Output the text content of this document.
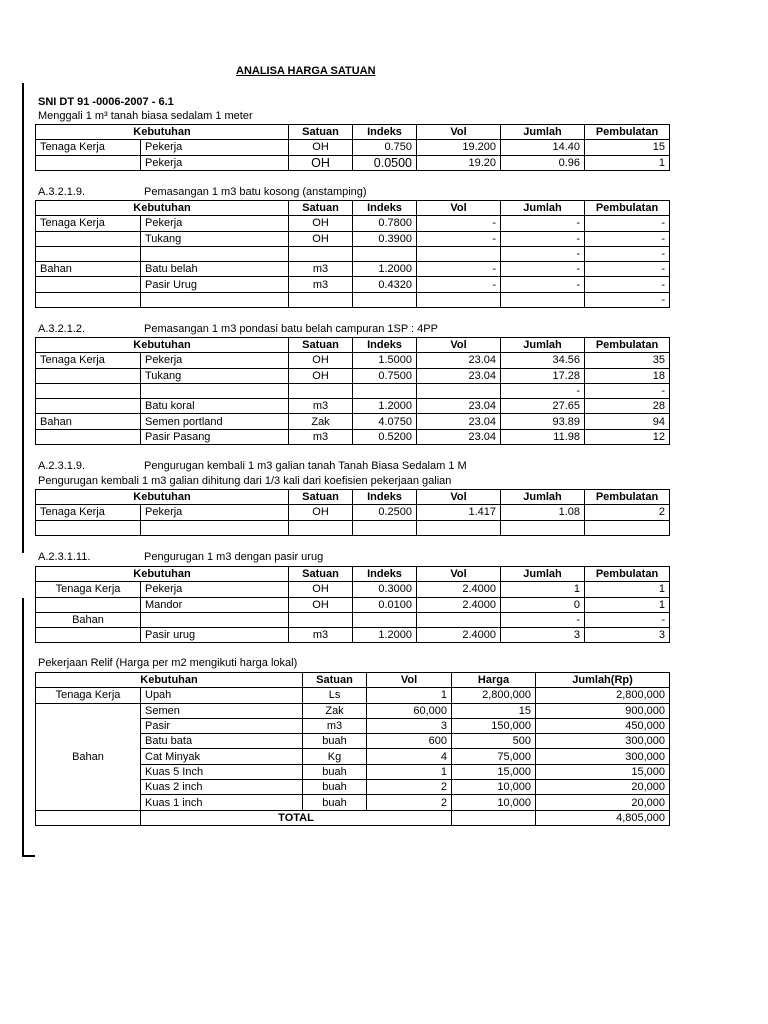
ANALISA HARGA SATUAN

SNI DT 91 -0006-2007 - 6.1

Menggali 1 m³ tanah biasa sedalam 1 meter

Kebutuhan		Satuan	Indeks	Vol	Jumlah	Pembulatan
Tenaga Kerja	Pekerja	OH	0.750	19.200	14.40	15
	Pekerja	OH	0.0500	19.20	0.96	1

A.3.2.1.9.	Pemasangan 1 m3 batu kosong (anstamping)

Kebutuhan		Satuan	Indeks	Vol	Jumlah	Pembulatan
Tenaga Kerja	Pekerja	OH	0.7800	-	-	-
	Tukang	OH	0.3900	-	-	-
					-	-
Bahan	Batu belah	m3	1.2000	-	-	-
	Pasir Urug	m3	0.4320	-	-	-
						-

A.3.2.1.2.	Pemasangan 1 m3 pondasi batu belah campuran 1SP : 4PP

Kebutuhan		Satuan	Indeks	Vol	Jumlah	Pembulatan
Tenaga Kerja	Pekerja	OH	1.5000	23.04	34.56	35
	Tukang	OH	0.7500	23.04	17.28	18
					-	-
	Batu koral	m3	1.2000	23.04	27.65	28
Bahan	Semen portland	Zak	4.0750	23.04	93.89	94
	Pasir Pasang	m3	0.5200	23.04	11.98	12

A.2.3.1.9.	Pengurugan kembali 1 m3 galian tanah Tanah Biasa Sedalam 1 M

Pengurugan kembali 1 m3 galian dihitung dari 1/3 kali dari koefisien pekerjaan galian

Kebutuhan		Satuan	Indeks	Vol	Jumlah	Pembulatan
Tenaga Kerja	Pekerja	OH	0.2500	1.417	1.08	2

A.2.3.1.11.	Pengurugan 1 m3 dengan pasir urug

Kebutuhan		Satuan	Indeks	Vol	Jumlah	Pembulatan
Tenaga Kerja	Pekerja	OH	0.3000	2.4000	1	1
	Mandor	OH	0.0100	2.4000	0	1
Bahan					-	-
	Pasir urug	m3	1.2000	2.4000	3	3

Pekerjaan Relif (Harga per m2 mengikuti harga lokal)

Kebutuhan		Satuan	Vol	Harga	Jumlah(Rp)
Tenaga Kerja	Upah	Ls	1	2,800,000	2,800,000
Bahan	Semen	Zak	60,000	15	900,000
	Pasir	m3	3	150,000	450,000
	Batu bata	buah	600	500	300,000
	Cat Minyak	Kg	4	75,000	300,000
	Kuas 5 Inch	buah	1	15,000	15,000
	Kuas 2 inch	buah	2	10,000	20,000
	Kuas 1 inch	buah	2	10,000	20,000
	TOTAL				4,805,000
